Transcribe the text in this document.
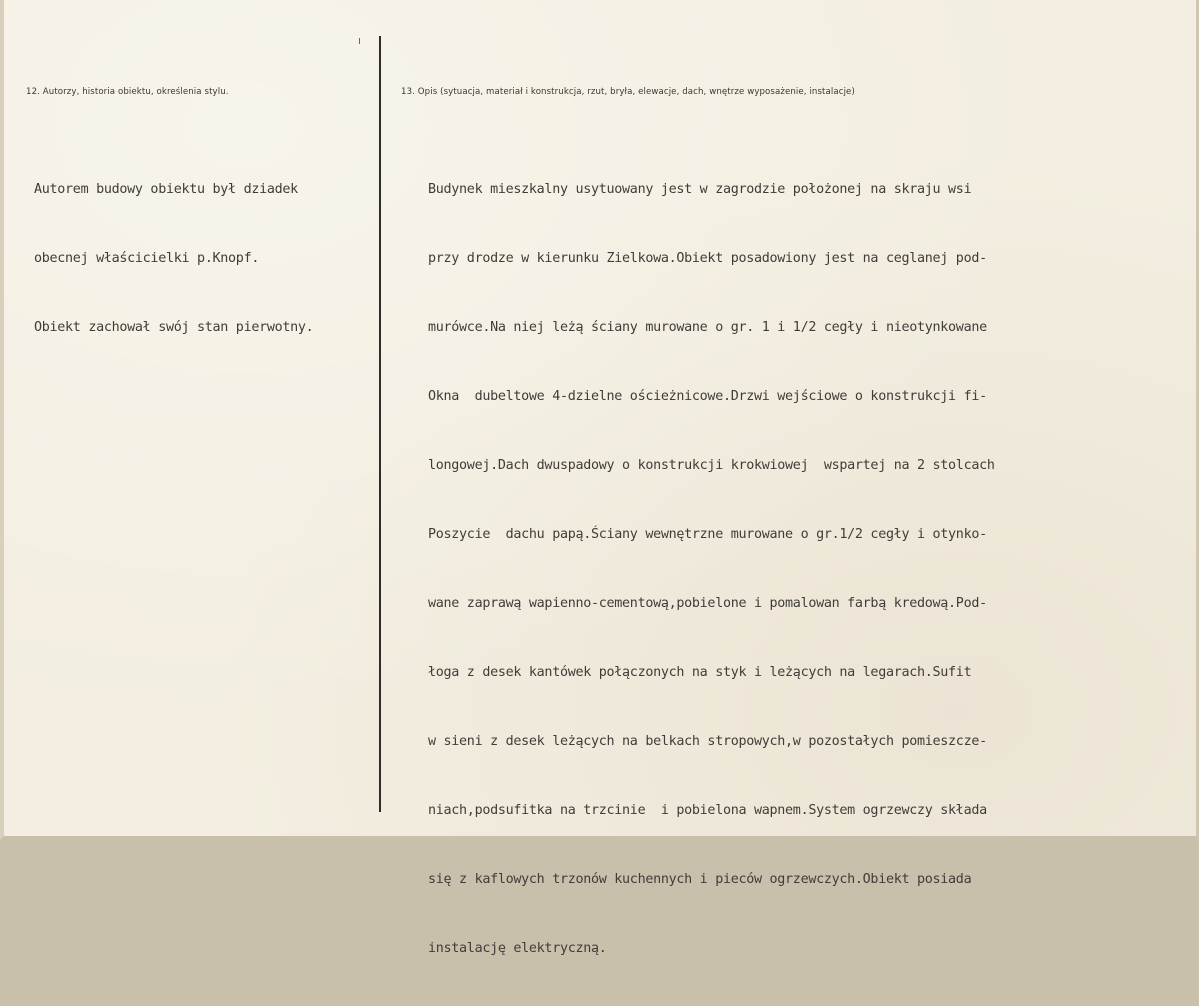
12. Autorzy, historia obiektu, określenia stylu.	13. Opis (sytuacja, materiał i konstrukcja, rzut, bryła, elewacje, dach, wnętrze wyposażenie, instalacje)

Autorem budowy obiektu był dziadek

obecnej właścicielki p.Knopf.

Obiekt zachował swój stan pierwotny.

Budynek mieszkalny usytuowany jest w zagrodzie położonej na skraju wsi

przy drodze w kierunku Zielkowa.Obiekt posadowiony jest na ceglanej pod-

murówce.Na niej leżą ściany murowane o gr. 1 i 1/2 cegły i nieotynkowane

Okna  dubeltowe 4-dzielne ościeżnicowe.Drzwi wejściowe o konstrukcji fi-

longowej.Dach dwuspadowy o konstrukcji krokwiowej  wspartej na 2 stolcach

Poszycie  dachu papą.Ściany wewnętrzne murowane o gr.1/2 cegły i otynko-

wane zaprawą wapienno-cementową,pobielone i pomalowan farbą kredową.Pod-

łoga z desek kantówek połączonych na styk i leżących na legarach.Sufit

w sieni z desek leżących na belkach stropowych,w pozostałych pomieszcze-

niach,podsufitka na trzcinie  i pobielona wapnem.System ogrzewczy składa

się z kaflowych trzonów kuchennych i pieców ogrzewczych.Obiekt posiada

instalację elektryczną.
